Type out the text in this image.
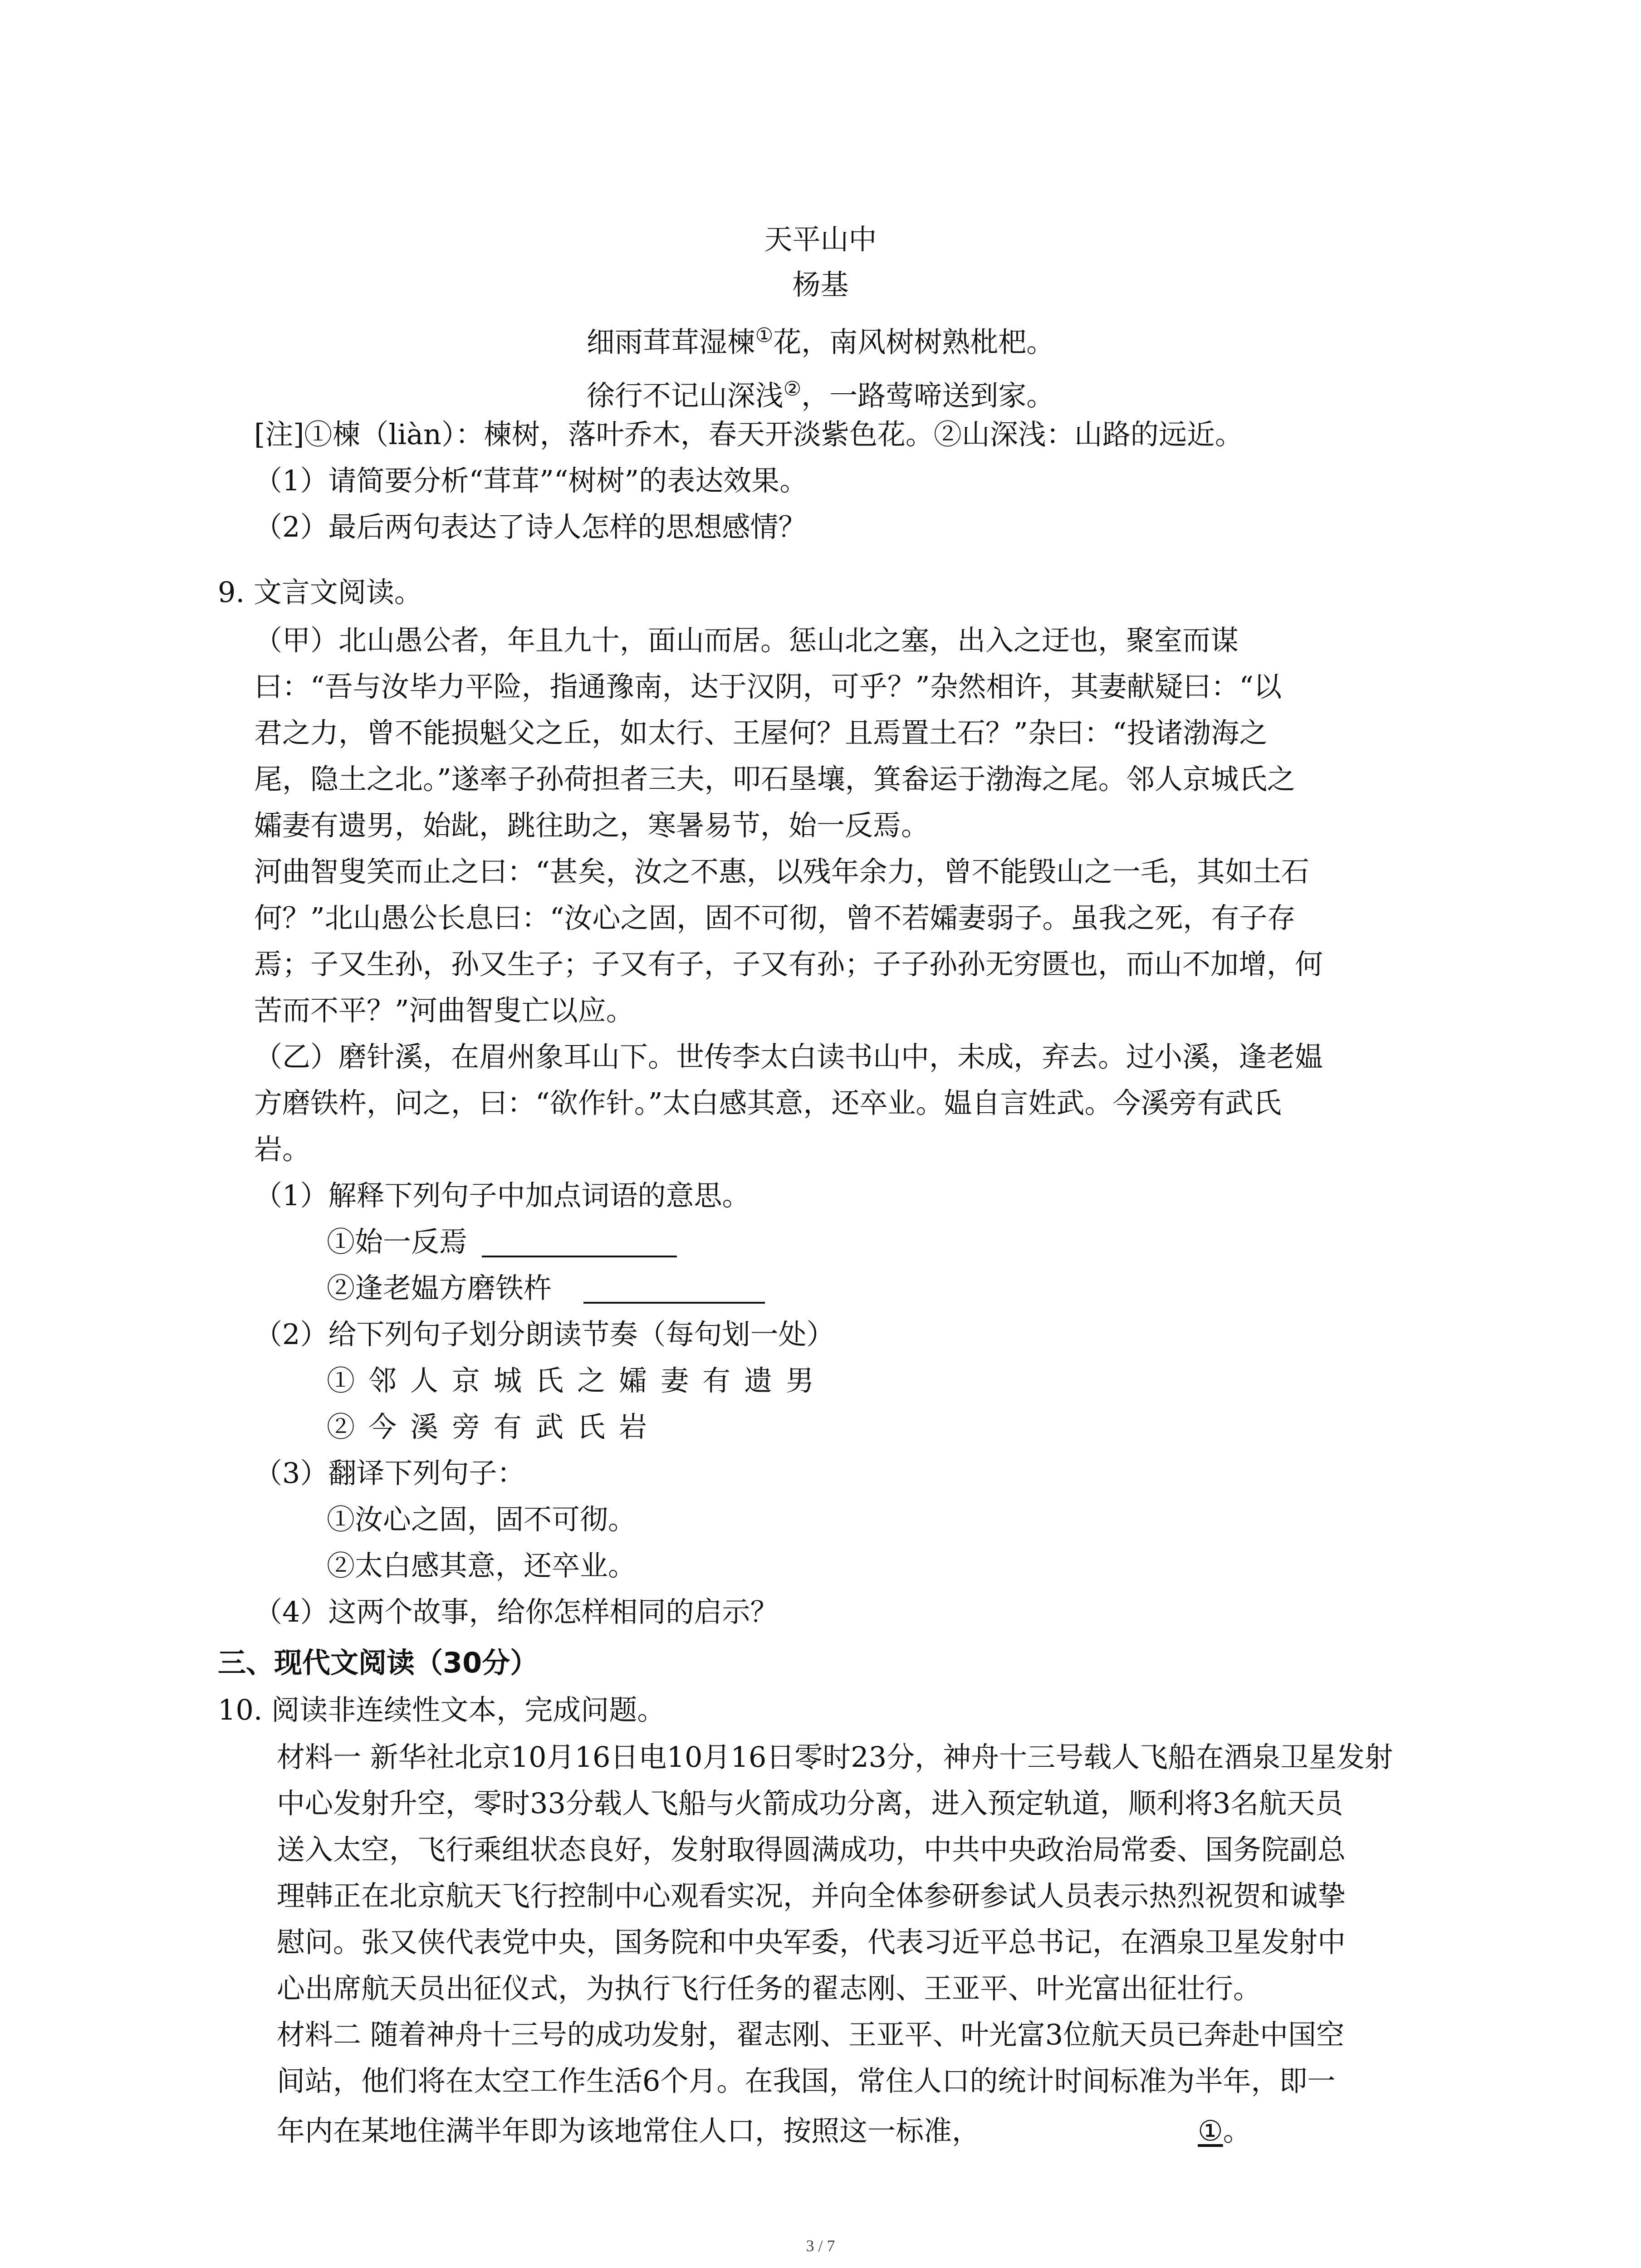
天平山中
杨基
细雨茸茸湿楝①花，南风树树熟枇杷。
徐行不记山深浅②，一路莺啼送到家。
[注]①楝（liàn）：楝树，落叶乔木，春天开淡紫色花。②山深浅：山路的远近。
（1）请简要分析“茸茸”“树树”的表达效果。
（2）最后两句表达了诗人怎样的思想感情？
9. 文言文阅读。
（甲）北山愚公者，年且九十，面山而居。惩山北之塞，出入之迂也，聚室而谋
曰：“吾与汝毕力平险，指通豫南，达于汉阴，可乎？”杂然相许，其妻献疑曰：“以
君之力，曾不能损魁父之丘，如太行、王屋何？且焉置土石？”杂曰：“投诸渤海之
尾，隐土之北。”遂率子孙荷担者三夫，叩石垦壤，箕畚运于渤海之尾。邻人京城氏之
孀妻有遗男，始龀，跳往助之，寒暑易节，始一反焉。
河曲智叟笑而止之曰：“甚矣，汝之不惠，以残年余力，曾不能毁山之一毛，其如土石
何？”北山愚公长息曰：“汝心之固，固不可彻，曾不若孀妻弱子。虽我之死，有子存
焉；子又生孙，孙又生子；子又有子，子又有孙；子子孙孙无穷匮也，而山不加增，何
苦而不平？”河曲智叟亡以应。
（乙）磨针溪，在眉州象耳山下。世传李太白读书山中，未成，弃去。过小溪，逢老媪
方磨铁杵，问之，曰：“欲作针。”太白感其意，还卒业。媪自言姓武。今溪旁有武氏
岩。
（1）解释下列句子中加点词语的意思。
①始一反焉
②逢老媪方磨铁杵
（2）给下列句子划分朗读节奏（每句划一处）
①邻人京城氏之孀妻有遗男
②今溪旁有武氏岩
（3）翻译下列句子：
①汝心之固，固不可彻。
②太白感其意，还卒业。
（4）这两个故事，给你怎样相同的启示？
三、现代文阅读（30分）
10. 阅读非连续性文本，完成问题。
材料一 新华社北京10月16日电10月16日零时23分，神舟十三号载人飞船在酒泉卫星发射
中心发射升空，零时33分载人飞船与火箭成功分离，进入预定轨道，顺利将3名航天员
送入太空，飞行乘组状态良好，发射取得圆满成功，中共中央政治局常委、国务院副总
理韩正在北京航天飞行控制中心观看实况，并向全体参研参试人员表示热烈祝贺和诚挚
慰问。张又侠代表党中央，国务院和中央军委，代表习近平总书记，在酒泉卫星发射中
心出席航天员出征仪式，为执行飞行任务的翟志刚、王亚平、叶光富出征壮行。
材料二 随着神舟十三号的成功发射，翟志刚、王亚平、叶光富3位航天员已奔赴中国空
间站，他们将在太空工作生活6个月。在我国，常住人口的统计时间标准为半年，即一
年内在某地住满半年即为该地常住人口，按照这一标准，	①。
3 / 7
